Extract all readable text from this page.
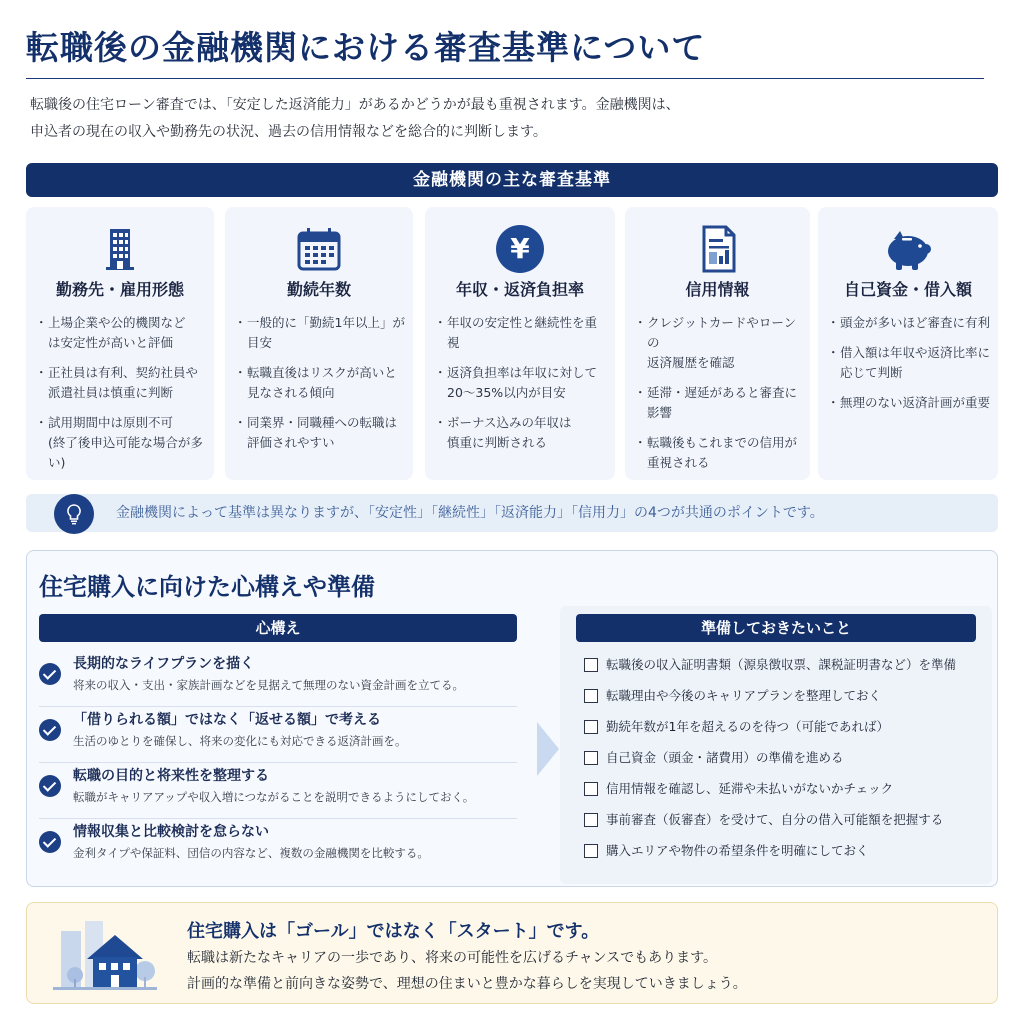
転職後の金融機関における審査基準について
転職後の住宅ローン審査では、「安定した返済能力」があるかどうかが最も重視されます。金融機関は、
申込者の現在の収入や勤務先の状況、過去の信用情報などを総合的に判断します。
金融機関の主な審査基準
勤務先・雇用形態
・ 上場企業や公的機関など
は安定性が高いと評価
・ 正社員は有利、契約社員や
派遣社員は慎重に判断
・ 試用期間中は原則不可
(終了後申込可能な場合が多い)
勤続年数
・ 一般的に「勤続1年以上」が
目安
・ 転職直後はリスクが高いと
見なされる傾向
・ 同業界・同職種への転職は
評価されやすい
¥
年収・返済負担率
・ 年収の安定性と継続性を重視
・ 返済負担率は年収に対して
20〜35%以内が目安
・ ボーナス込みの年収は
慎重に判断される
信用情報
・ クレジットカードやローンの
返済履歴を確認
・ 延滞・遅延があると審査に
影響
・ 転職後もこれまでの信用が
重視される
自己資金・借入額
・ 頭金が多いほど審査に有利
・ 借入額は年収や返済比率に
応じて判断
・ 無理のない返済計画が重要
金融機関によって基準は異なりますが、「安定性」「継続性」「返済能力」「信用力」の4つが共通のポイントです。
住宅購入に向けた心構えや準備
心構え
長期的なライフプランを描く
将来の収入・支出・家族計画などを見据えて無理のない資金計画を立てる。
「借りられる額」ではなく「返せる額」で考える
生活のゆとりを確保し、将来の変化にも対応できる返済計画を。
転職の目的と将来性を整理する
転職がキャリアアップや収入増につながることを説明できるようにしておく。
情報収集と比較検討を怠らない
金利タイプや保証料、団信の内容など、複数の金融機関を比較する。
準備しておきたいこと
転職後の収入証明書類（源泉徴収票、課税証明書など）を準備
転職理由や今後のキャリアプランを整理しておく
勤続年数が1年を超えるのを待つ（可能であれば）
自己資金（頭金・諸費用）の準備を進める
信用情報を確認し、延滞や未払いがないかチェック
事前審査（仮審査）を受けて、自分の借入可能額を把握する
購入エリアや物件の希望条件を明確にしておく
住宅購入は「ゴール」ではなく「スタート」です。
転職は新たなキャリアの一歩であり、将来の可能性を広げるチャンスでもあります。
計画的な準備と前向きな姿勢で、理想の住まいと豊かな暮らしを実現していきましょう。
